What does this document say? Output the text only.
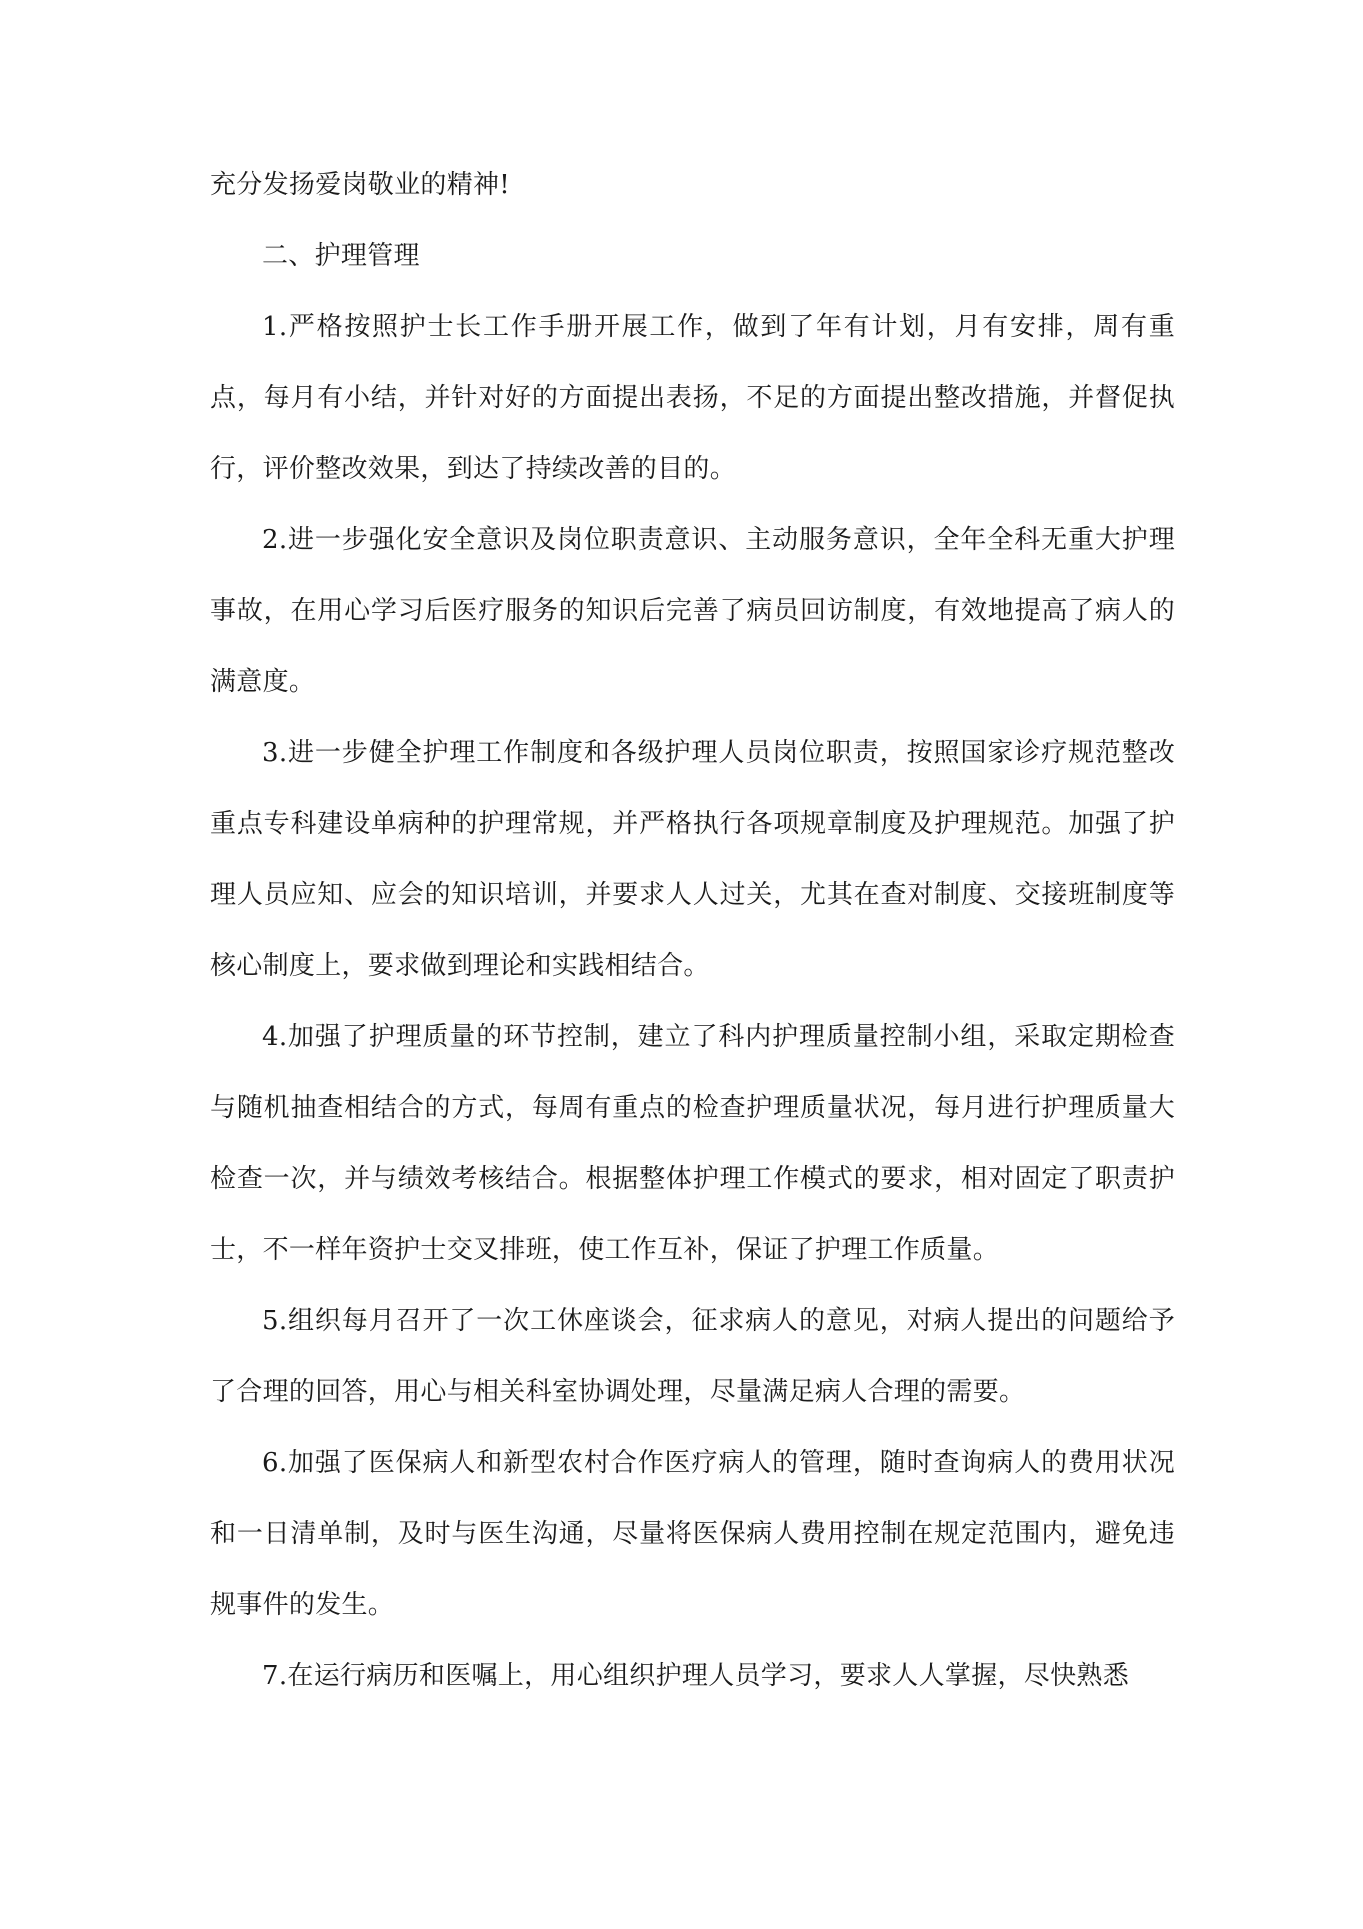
充分发扬爱岗敬业的精神!

二、护理管理

1.严格按照护士长工作手册开展工作，做到了年有计划，月有安排，周有重点，每月有小结，并针对好的方面提出表扬，不足的方面提出整改措施，并督促执行，评价整改效果，到达了持续改善的目的。

2.进一步强化安全意识及岗位职责意识、主动服务意识，全年全科无重大护理事故，在用心学习后医疗服务的知识后完善了病员回访制度，有效地提高了病人的满意度。

3.进一步健全护理工作制度和各级护理人员岗位职责，按照国家诊疗规范整改重点专科建设单病种的护理常规，并严格执行各项规章制度及护理规范。加强了护理人员应知、应会的知识培训，并要求人人过关，尤其在查对制度、交接班制度等核心制度上，要求做到理论和实践相结合。

4.加强了护理质量的环节控制，建立了科内护理质量控制小组，采取定期检查与随机抽查相结合的方式，每周有重点的检查护理质量状况，每月进行护理质量大检查一次，并与绩效考核结合。根据整体护理工作模式的要求，相对固定了职责护士，不一样年资护士交叉排班，使工作互补，保证了护理工作质量。

5.组织每月召开了一次工休座谈会，征求病人的意见，对病人提出的问题给予了合理的回答，用心与相关科室协调处理，尽量满足病人合理的需要。

6.加强了医保病人和新型农村合作医疗病人的管理，随时查询病人的费用状况和一日清单制，及时与医生沟通，尽量将医保病人费用控制在规定范围内，避免违规事件的发生。

7.在运行病历和医嘱上，用心组织护理人员学习，要求人人掌握，尽快熟悉
